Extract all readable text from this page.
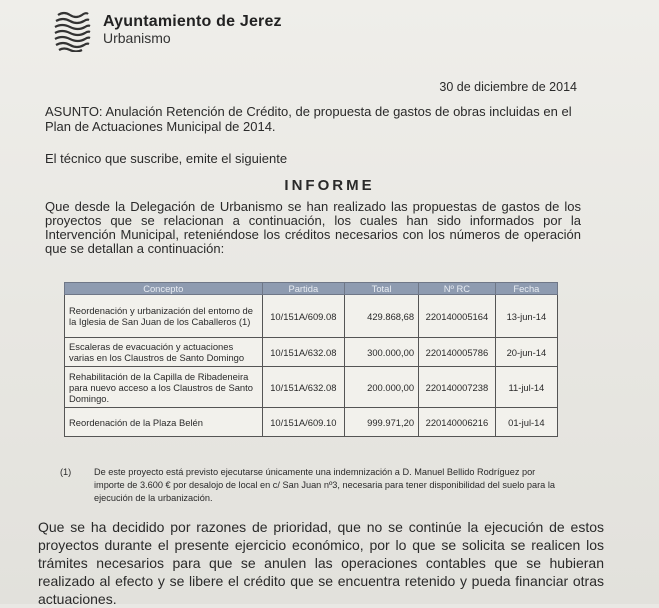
Ayuntamiento de Jerez
Urbanismo
30 de diciembre de 2014
ASUNTO: Anulación Retención de Crédito, de propuesta de gastos de obras incluidas en el Plan de Actuaciones Municipal de 2014.
El técnico que suscribe, emite el siguiente
INFORME
Que desde la Delegación de Urbanismo se han realizado las propuestas de gastos de los proyectos que se relacionan a continuación, los cuales han sido informados por la Intervención Municipal, reteniéndose los créditos necesarios con los números de operación que se detallan a continuación:
Concepto	Partida	Total	Nº RC	Fecha
Reordenación y urbanización del entorno de la Iglesia de San Juan de los Caballeros (1)	10/151A/609.08	429.868,68	220140005164	13-jun-14
Escaleras de evacuación y actuaciones varias en los Claustros de Santo Domingo	10/151A/632.08	300.000,00	220140005786	20-jun-14
Rehabilitación de la Capilla de Ribadeneira para nuevo acceso a los Claustros de Santo Domingo.	10/151A/632.08	200.000,00	220140007238	11-jul-14
Reordenación de la Plaza Belén	10/151A/609.10	999.971,20	220140006216	01-jul-14
(1)	De este proyecto está previsto ejecutarse únicamente una indemnización a D. Manuel Bellido Rodríguez por importe de 3.600 € por desalojo de local en c/ San Juan nº3, necesaria para tener disponibilidad del suelo para la ejecución de la urbanización.
Que se ha decidido por razones de prioridad, que no se continúe la ejecución de estos proyectos durante el presente ejercicio económico, por lo que se solicita se realicen los trámites necesarios para que se anulen las operaciones contables que se hubieran realizado al efecto y se libere el crédito que se encuentra retenido y pueda financiar otras actuaciones.
